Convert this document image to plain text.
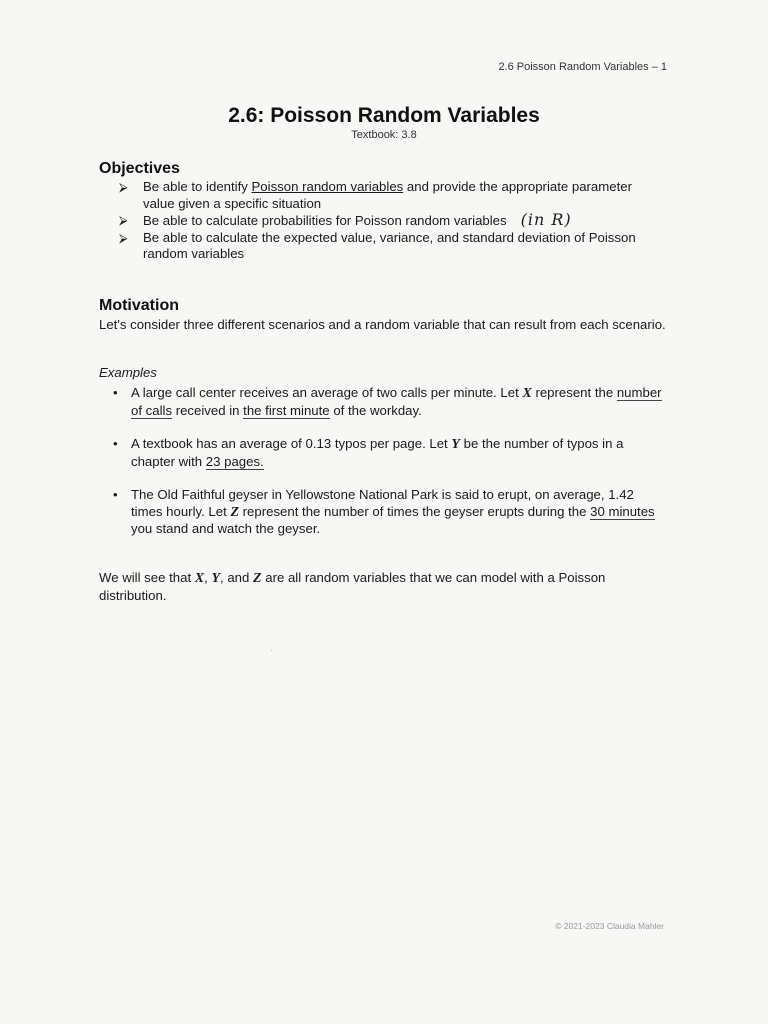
2.6 Poisson Random Variables – 1
2.6: Poisson Random Variables
Textbook: 3.8
Objectives
⮚ Be able to identify Poisson random variables and provide the appropriate parameter value given a specific situation
⮚ Be able to calculate probabilities for Poisson random variables (in R)
⮚ Be able to calculate the expected value, variance, and standard deviation of Poisson random variables
Motivation
Let's consider three different scenarios and a random variable that can result from each scenario.
Examples
•	A large call center receives an average of two calls per minute. Let X represent the number of calls received in the first minute of the workday.
•	A textbook has an average of 0.13 typos per page. Let Y be the number of typos in a chapter with 23 pages.
•	The Old Faithful geyser in Yellowstone National Park is said to erupt, on average, 1.42 times hourly. Let Z represent the number of times the geyser erupts during the 30 minutes you stand and watch the geyser.
We will see that X, Y, and Z are all random variables that we can model with a Poisson distribution.
© 2021-2023 Claudia Mahler
